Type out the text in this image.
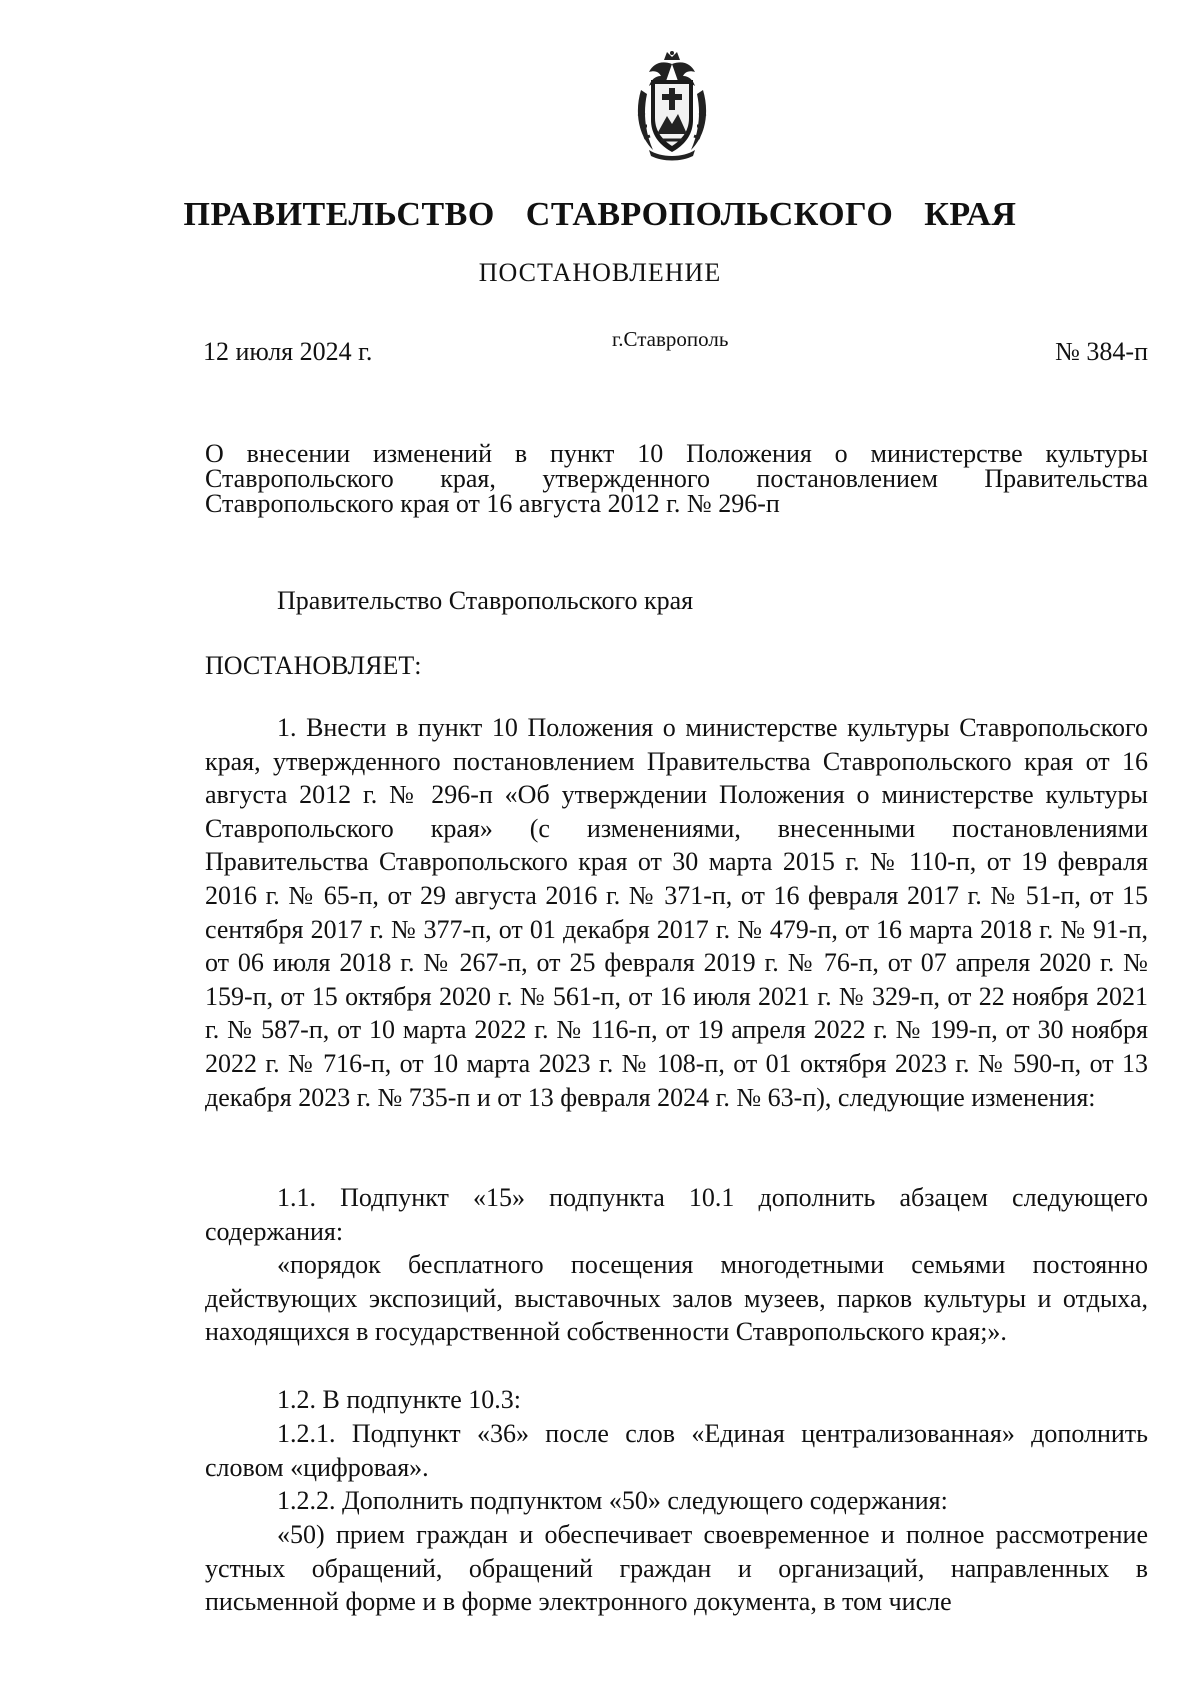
ПРАВИТЕЛЬСТВО СТАВРОПОЛЬСКОГО КРАЯ
ПОСТАНОВЛЕНИЕ
12 июля 2024 г.	г.Ставрополь	№ 384-п
О внесении изменений в пункт 10 Положения о министерстве культуры Ставропольского края, утвержденного постановлением Правительства Ставропольского края от 16 августа 2012 г. № 296-п
Правительство Ставропольского края
ПОСТАНОВЛЯЕТ:

1. Внести в пункт 10 Положения о министерстве культуры Ставропольского края, утвержденного постановлением Правительства Ставропольского края от 16 августа 2012 г. № 296-п «Об утверждении Положения о министерстве культуры Ставропольского края» (с изменениями, внесенными постановлениями Правительства Ставропольского края от 30 марта 2015 г. № 110-п, от 19 февраля 2016 г. № 65-п, от 29 августа 2016 г. № 371-п, от 16 февраля 2017 г. № 51-п, от 15 сентября 2017 г. № 377-п, от 01 декабря 2017 г. № 479-п, от 16 марта 2018 г. № 91-п, от 06 июля 2018 г. № 267-п, от 25 февраля 2019 г. № 76-п, от 07 апреля 2020 г. № 159-п, от 15 октября 2020 г. № 561-п, от 16 июля 2021 г. № 329-п, от 22 ноября 2021 г. № 587-п, от 10 марта 2022 г. № 116-п, от 19 апреля 2022 г. № 199-п, от 30 ноября 2022 г. № 716-п, от 10 марта 2023 г. № 108-п, от 01 октября 2023 г. № 590-п, от 13 декабря 2023 г. № 735-п и от 13 февраля 2024 г. № 63-п), следующие изменения:

1.1. Подпункт «15» подпункта 10.1 дополнить абзацем следующего содержания:

«порядок бесплатного посещения многодетными семьями постоянно действующих экспозиций, выставочных залов музеев, парков культуры и отдыха, находящихся в государственной собственности Ставропольского края;».

1.2. В подпункте 10.3:

1.2.1. Подпункт «36» после слов «Единая централизованная» дополнить словом «цифровая».

1.2.2. Дополнить подпунктом «50» следующего содержания:

«50) прием граждан и обеспечивает своевременное и полное рассмотрение устных обращений, обращений граждан и организаций, направленных в письменной форме и в форме электронного документа, в том числе
